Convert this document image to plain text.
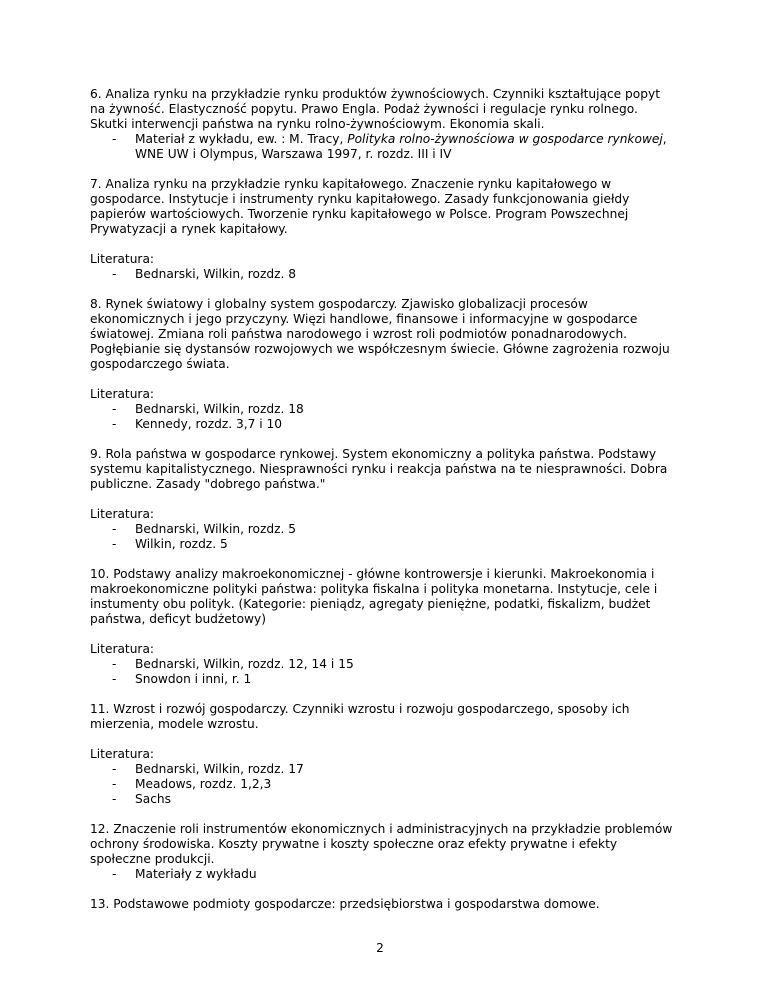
6. Analiza rynku na przykładzie rynku produktów żywnościowych. Czynniki kształtujące popyt na żywność. Elastyczność popytu. Prawo Engla. Podaż żywności i regulacje rynku rolnego. Skutki interwencji państwa na rynku rolno-żywnościowym. Ekonomia skali.

- Materiał z wykładu, ew. : M. Tracy, Polityka rolno-żywnościowa w gospodarce rynkowej, WNE UW i Olympus, Warszawa 1997, r. rozdz. III i IV

7. Analiza rynku na przykładzie rynku kapitałowego. Znaczenie rynku kapitałowego w gospodarce. Instytucje i instrumenty rynku kapitałowego. Zasady funkcjonowania giełdy papierów wartościowych. Tworzenie rynku kapitałowego w Polsce. Program Powszechnej Prywatyzacji a rynek kapitałowy.

Literatura:

- Bednarski, Wilkin, rozdz. 8

8. Rynek światowy i globalny system gospodarczy. Zjawisko globalizacji procesów ekonomicznych i jego przyczyny. Więzi handlowe, finansowe i informacyjne w gospodarce światowej. Zmiana roli państwa narodowego i wzrost roli podmiotów ponadnarodowych. Pogłębianie się dystansów rozwojowych we współczesnym świecie. Główne zagrożenia rozwoju gospodarczego świata.

Literatura:

- Bednarski, Wilkin, rozdz. 18
- Kennedy, rozdz. 3,7 i 10

9. Rola państwa w gospodarce rynkowej. System ekonomiczny a polityka państwa. Podstawy systemu kapitalistycznego. Niesprawności rynku i reakcja państwa na te niesprawności. Dobra publiczne. Zasady "dobrego państwa."

Literatura:

- Bednarski, Wilkin, rozdz. 5
- Wilkin, rozdz. 5

10. Podstawy analizy makroekonomicznej - główne kontrowersje i kierunki. Makroekonomia i makroekonomiczne polityki państwa: polityka fiskalna i polityka monetarna. Instytucje, cele i instumenty obu polityk. (Kategorie: pieniądz, agregaty pieniężne, podatki, fiskalizm, budżet państwa, deficyt budżetowy)

Literatura:

- Bednarski, Wilkin, rozdz. 12, 14 i 15
- Snowdon i inni, r. 1

11. Wzrost i rozwój gospodarczy. Czynniki wzrostu i rozwoju gospodarczego, sposoby ich mierzenia, modele wzrostu.

Literatura:

- Bednarski, Wilkin, rozdz. 17
- Meadows, rozdz. 1,2,3
- Sachs

12. Znaczenie roli instrumentów ekonomicznych i administracyjnych na przykładzie problemów ochrony środowiska. Koszty prywatne i koszty społeczne oraz efekty prywatne i efekty społeczne produkcji.

- Materiały z wykładu

13. Podstawowe podmioty gospodarcze: przedsiębiorstwa i gospodarstwa domowe.

2
